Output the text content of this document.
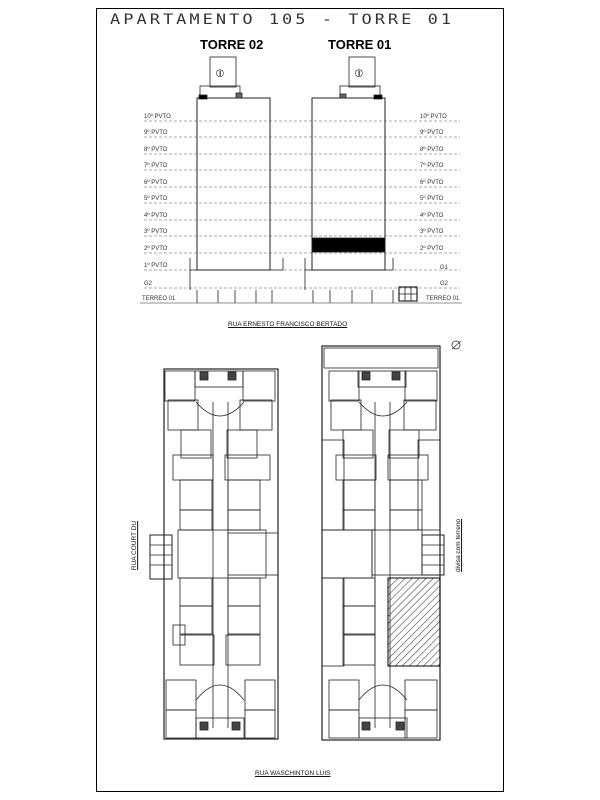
APARTAMENTO 105 - TORRE 01
TORRE 02	TORRE 01
10º PVTO
9º PVTO
8º PVTO
7º PVTO
6º PVTO
5º PVTO
4º PVTO
3º PVTO
2º PVTO
1º PVTO
G2
TERREO 01
10º PVTO
9º PVTO
8º PVTO
7º PVTO
6º PVTO
5º PVTO
4º PVTO
3º PVTO
2º PVTO
G1
G2
TERREO 01
RUA ERNESTO FRANCISCO BERTADO
RUA WASCHINTON LUIS
RUA COURT DU	divisa com terreno
⦶	⦶
